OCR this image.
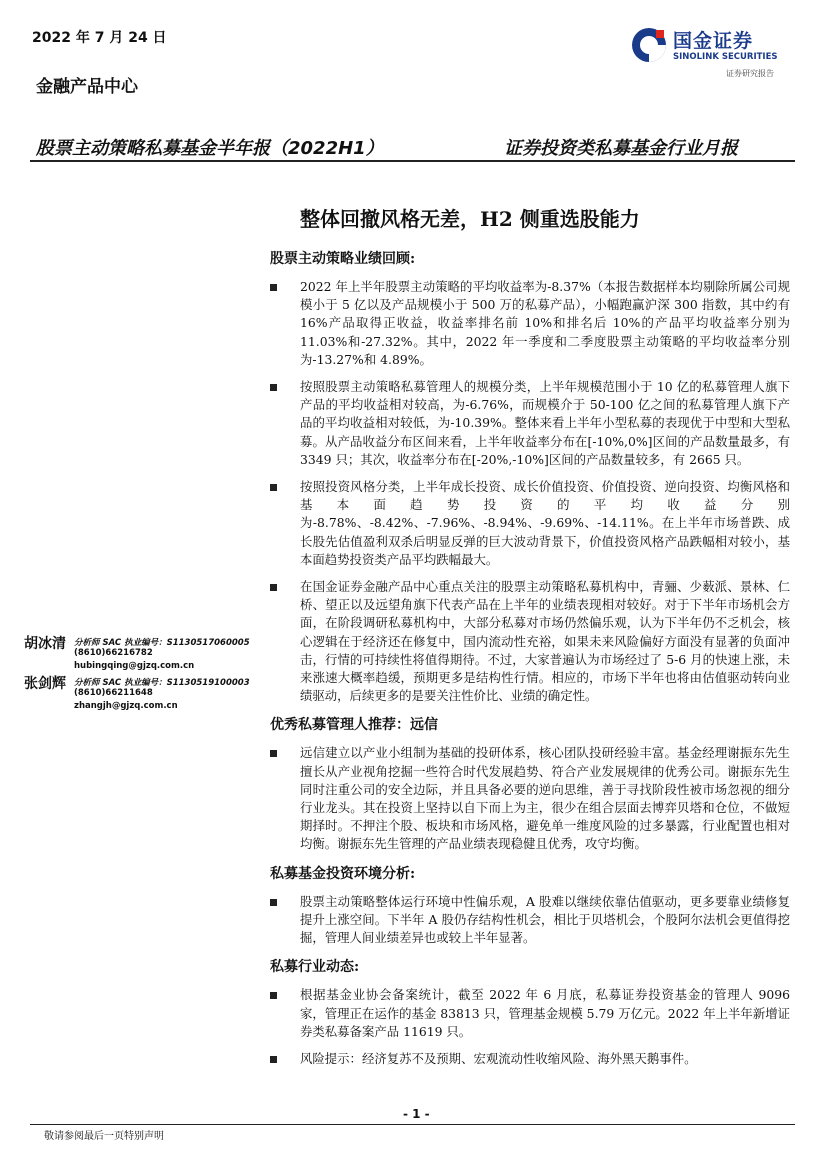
2022 年 7 月 24 日
金融产品中心
国金证券
SINOLINK SECURITIES
证券研究报告
股票主动策略私募基金半年报（2022H1）	证券投资类私募基金行业月报
整体回撤风格无差，H2 侧重选股能力
股票主动策略业绩回顾:
2022 年上半年股票主动策略的平均收益率为-8.37%（本报告数据样本均剔除所属公司规模小于 5 亿以及产品规模小于 500 万的私募产品），小幅跑赢沪深 300 指数，其中约有 16%产品取得正收益，收益率排名前 10%和排名后 10%的产品平均收益率分别为 11.03%和-27.32%。其中，2022 年一季度和二季度股票主动策略的平均收益率分别为-13.27%和 4.89%。
按照股票主动策略私募管理人的规模分类，上半年规模范围小于 10 亿的私募管理人旗下产品的平均收益相对较高，为-6.76%，而规模介于 50-100 亿之间的私募管理人旗下产品的平均收益相对较低，为-10.39%。整体来看上半年小型私募的表现优于中型和大型私募。从产品收益分布区间来看，上半年收益率分布在[-10%,0%]区间的产品数量最多，有 3349 只；其次，收益率分布在[-20%,-10%]区间的产品数量较多，有 2665 只。
按照投资风格分类，上半年成长投资、成长价值投资、价值投资、逆向投资、均衡风格和基本面趋势投资的平均收益分别为-8.78%、-8.42%、-7.96%、-8.94%、-9.69%、-14.11%。在上半年市场普跌、成长股先估值盈利双杀后明显反弹的巨大波动背景下，价值投资风格产品跌幅相对较小，基本面趋势投资类产品平均跌幅最大。
在国金证券金融产品中心重点关注的股票主动策略私募机构中，青骊、少薮派、景林、仁桥、望正以及远望角旗下代表产品在上半年的业绩表现相对较好。对于下半年市场机会方面，在阶段调研私募机构中，大部分私募对市场仍然偏乐观，认为下半年仍不乏机会，核心逻辑在于经济还在修复中，国内流动性充裕，如果未来风险偏好方面没有显著的负面冲击，行情的可持续性将值得期待。不过，大家普遍认为市场经过了 5-6 月的快速上涨，未来涨速大概率趋缓，预期更多是结构性行情。相应的，市场下半年也将由估值驱动转向业绩驱动，后续更多的是要关注性价比、业绩的确定性。
优秀私募管理人推荐：远信
远信建立以产业小组制为基础的投研体系，核心团队投研经验丰富。基金经理谢振东先生擅长从产业视角挖掘一些符合时代发展趋势、符合产业发展规律的优秀公司。谢振东先生同时注重公司的安全边际，并且具备必要的逆向思维，善于寻找阶段性被市场忽视的细分行业龙头。其在投资上坚持以自下而上为主，很少在组合层面去博弈贝塔和仓位，不做短期择时。不押注个股、板块和市场风格，避免单一维度风险的过多暴露，行业配置也相对均衡。谢振东先生管理的产品业绩表现稳健且优秀，攻守均衡。
私募基金投资环境分析:
股票主动策略整体运行环境中性偏乐观，A 股难以继续依靠估值驱动，更多要靠业绩修复提升上涨空间。下半年 A 股仍存结构性机会，相比于贝塔机会，个股阿尔法机会更值得挖掘，管理人间业绩差异也或较上半年显著。
私募行业动态:
根据基金业协会备案统计，截至 2022 年 6 月底，私募证券投资基金的管理人 9096 家，管理正在运作的基金 83813 只，管理基金规模 5.79 万亿元。2022 年上半年新增证券类私募备案产品 11619 只。
风险提示：经济复苏不及预期、宏观流动性收缩风险、海外黑天鹅事件。
胡冰清 分析师 SAC 执业编号：S1130517060005
(8610)66216782
hubingqing@gjzq.com.cn
张剑辉 分析师 SAC 执业编号：S1130519100003
(8610)66211648
zhangjh@gjzq.com.cn
- 1 -
敬请参阅最后一页特别声明
